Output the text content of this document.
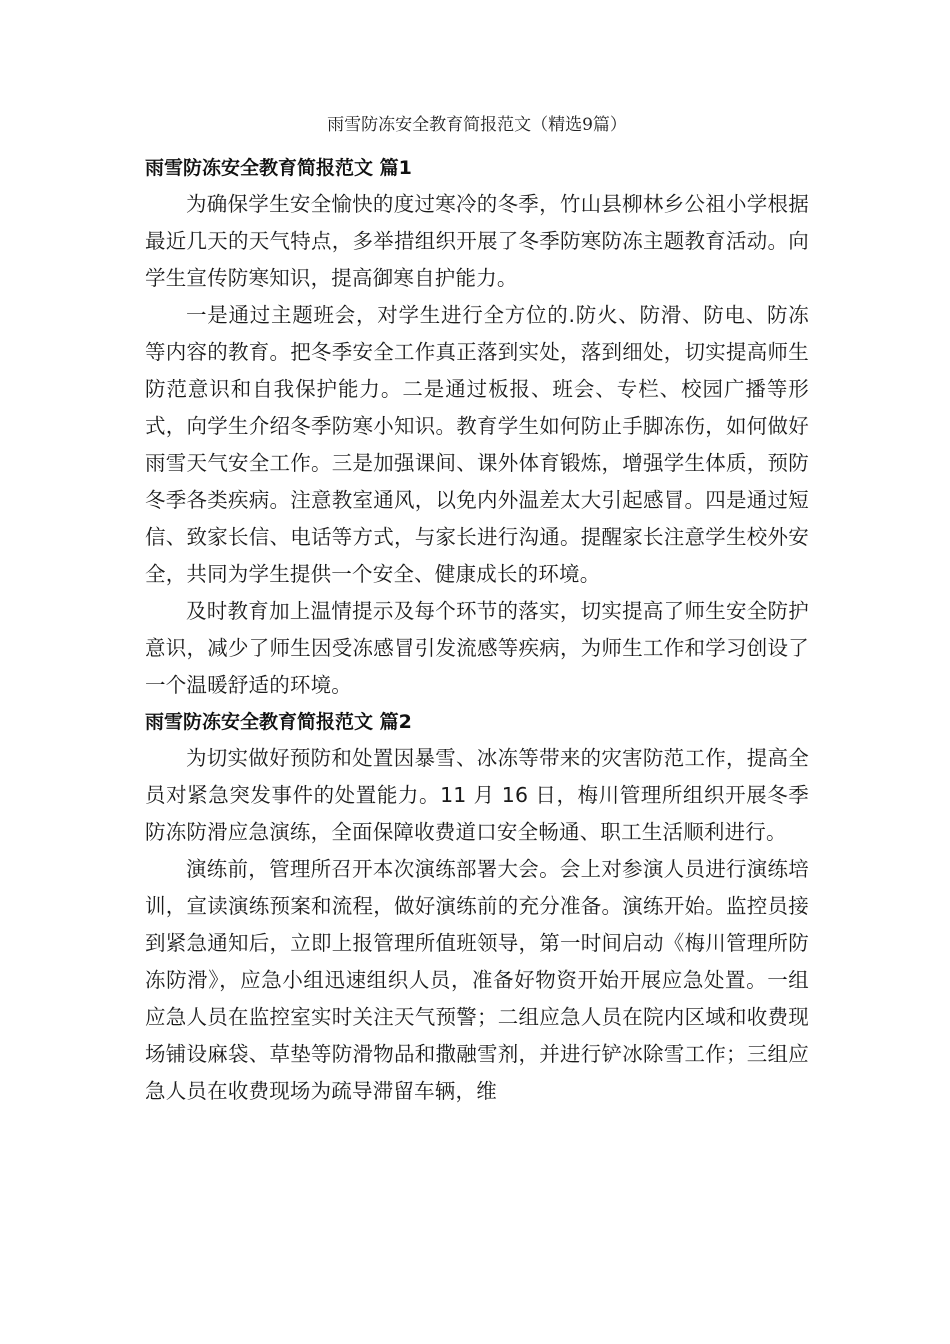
雨雪防冻安全教育简报范文（精选9篇）
雨雪防冻安全教育简报范文 篇1

为确保学生安全愉快的度过寒冷的冬季，竹山县柳林乡公祖小学根据最近几天的天气特点，多举措组织开展了冬季防寒防冻主题教育活动。向学生宣传防寒知识，提高御寒自护能力。

一是通过主题班会，对学生进行全方位的.防火、防滑、防电、防冻等内容的教育。把冬季安全工作真正落到实处，落到细处，切实提高师生防范意识和自我保护能力。二是通过板报、班会、专栏、校园广播等形式，向学生介绍冬季防寒小知识。教育学生如何防止手脚冻伤，如何做好雨雪天气安全工作。三是加强课间、课外体育锻炼，增强学生体质，预防冬季各类疾病。注意教室通风，以免内外温差太大引起感冒。四是通过短信、致家长信、电话等方式，与家长进行沟通。提醒家长注意学生校外安全，共同为学生提供一个安全、健康成长的环境。

及时教育加上温情提示及每个环节的落实，切实提高了师生安全防护意识，减少了师生因受冻感冒引发流感等疾病，为师生工作和学习创设了一个温暖舒适的环境。

雨雪防冻安全教育简报范文 篇2

为切实做好预防和处置因暴雪、冰冻等带来的灾害防范工作，提高全员对紧急突发事件的处置能力。11 月 16 日，梅川管理所组织开展冬季防冻防滑应急演练，全面保障收费道口安全畅通、职工生活顺利进行。

演练前，管理所召开本次演练部署大会。会上对参演人员进行演练培训，宣读演练预案和流程，做好演练前的充分准备。演练开始。监控员接到紧急通知后，立即上报管理所值班领导，第一时间启动《梅川管理所防冻防滑》，应急小组迅速组织人员，准备好物资开始开展应急处置。一组应急人员在监控室实时关注天气预警；二组应急人员在院内区域和收费现场铺设麻袋、草垫等防滑物品和撒融雪剂，并进行铲冰除雪工作；三组应急人员在收费现场为疏导滞留车辆，维
